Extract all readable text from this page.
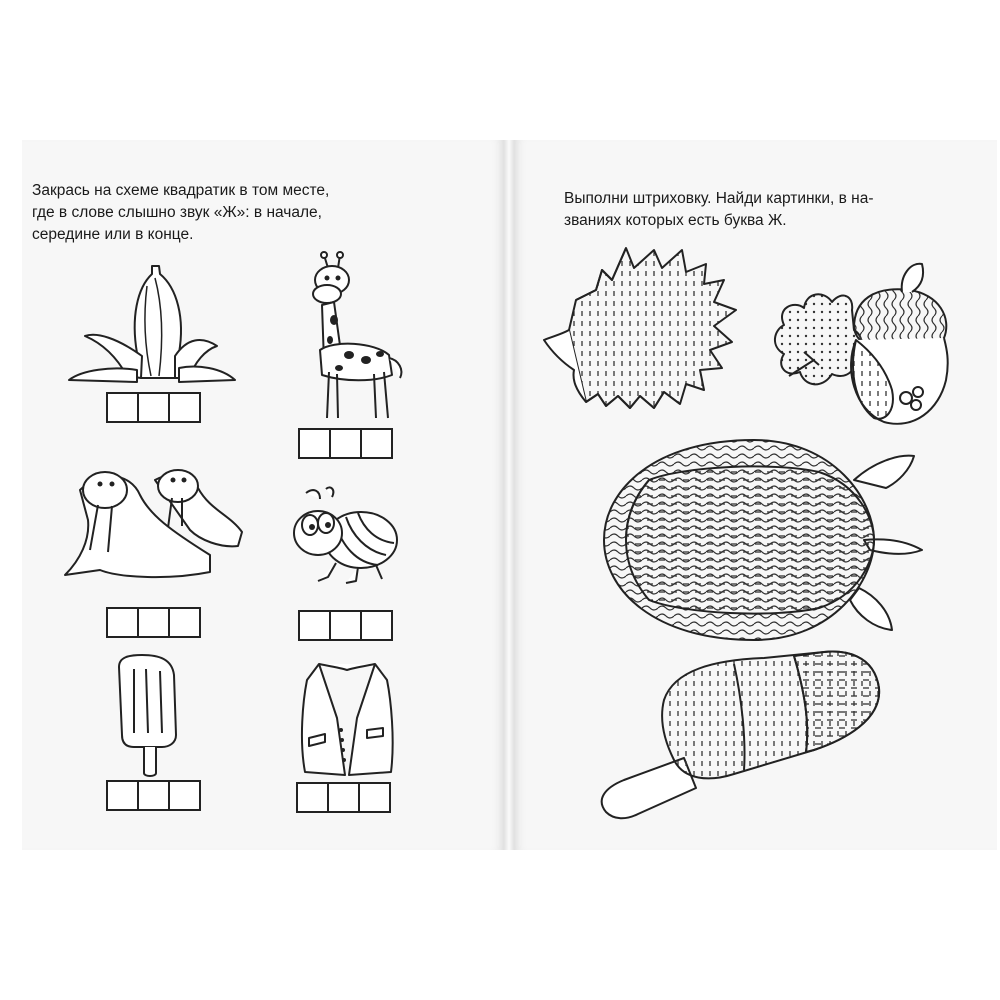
Закрась на схеме квадратик в том месте,
где в слове слышно звук «Ж»: в начале,
середине или в конце.
Выполни штриховку. Найди картинки, в на-
званиях которых есть буква Ж.
